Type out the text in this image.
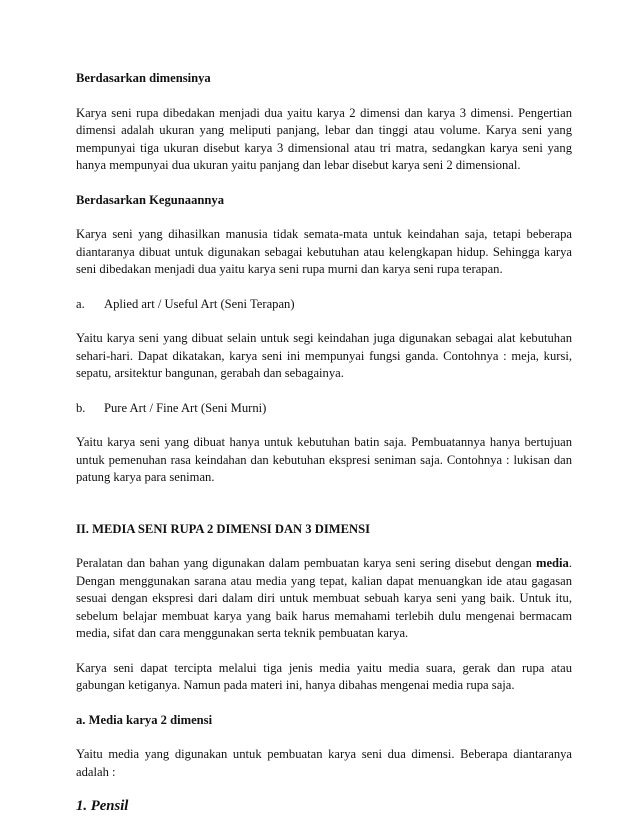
Berdasarkan dimensinya

Karya seni rupa dibedakan menjadi dua yaitu karya 2 dimensi dan karya 3 dimensi. Pengertian dimensi adalah ukuran yang meliputi panjang, lebar dan tinggi atau volume. Karya seni yang mempunyai tiga ukuran disebut karya 3 dimensional atau tri matra, sedangkan karya seni yang hanya mempunyai dua ukuran yaitu panjang dan lebar disebut karya seni 2 dimensional.

Berdasarkan Kegunaannya

Karya seni yang dihasilkan manusia tidak semata-mata untuk keindahan saja, tetapi beberapa diantaranya dibuat untuk digunakan sebagai kebutuhan atau kelengkapan hidup. Sehingga karya seni dibedakan menjadi dua yaitu karya seni rupa murni dan karya seni rupa terapan.

a. Aplied art / Useful Art (Seni Terapan)

Yaitu karya seni yang dibuat selain untuk segi keindahan juga digunakan sebagai alat kebutuhan sehari-hari. Dapat dikatakan, karya seni ini mempunyai fungsi ganda. Contohnya : meja, kursi, sepatu, arsitektur bangunan, gerabah dan sebagainya.

b. Pure Art / Fine Art (Seni Murni)

Yaitu karya seni yang dibuat hanya untuk kebutuhan batin saja. Pembuatannya hanya bertujuan untuk pemenuhan rasa keindahan dan kebutuhan ekspresi seniman saja. Contohnya : lukisan dan patung karya para seniman.

II. MEDIA SENI RUPA 2 DIMENSI DAN 3 DIMENSI

Peralatan dan bahan yang digunakan dalam pembuatan karya seni sering disebut dengan media. Dengan menggunakan sarana atau media yang tepat, kalian dapat menuangkan ide atau gagasan sesuai dengan ekspresi dari dalam diri untuk membuat sebuah karya seni yang baik. Untuk itu, sebelum belajar membuat karya yang baik harus memahami terlebih dulu mengenai bermacam media, sifat dan cara menggunakan serta teknik pembuatan karya.

Karya seni dapat tercipta melalui tiga jenis media yaitu media suara, gerak dan rupa atau gabungan ketiganya. Namun pada materi ini, hanya dibahas mengenai media rupa saja.

a. Media karya 2 dimensi

Yaitu media yang digunakan untuk pembuatan karya seni dua dimensi. Beberapa diantaranya adalah :

1. Pensil
